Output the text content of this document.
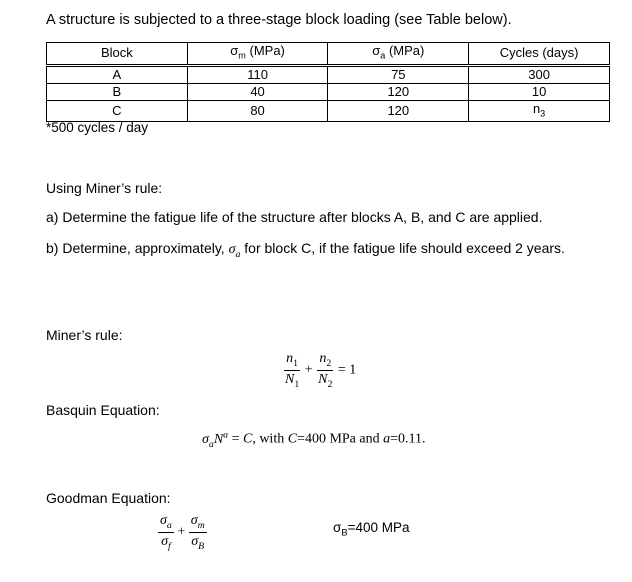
A structure is subjected to a three-stage block loading (see Table below).
Block	$\sigma_m$ (MPa)	$\sigma_a$ (MPa)	Cycles (days)
A	110	75	300
B	40	120	10
C	80	120	$n_3$
*500 cycles / day
Using Miner’s rule:
a) Determine the fatigue life of the structure after blocks A, B, and C are applied.
b) Determine, approximately, $\sigma_a$ for block C, if the fatigue life should exceed 2 years.
Miner’s rule:
$\frac{n_1}{N_1} + \frac{n_2}{N_2} = 1$
Basquin Equation:
$\sigma_aN^a = C$, with C=400 MPa and a=0.11.
Goodman Equation:
$\frac{\sigma_a}{\sigma_f} + \frac{\sigma_m}{\sigma_B}$	$\sigma_B=400$ MPa
